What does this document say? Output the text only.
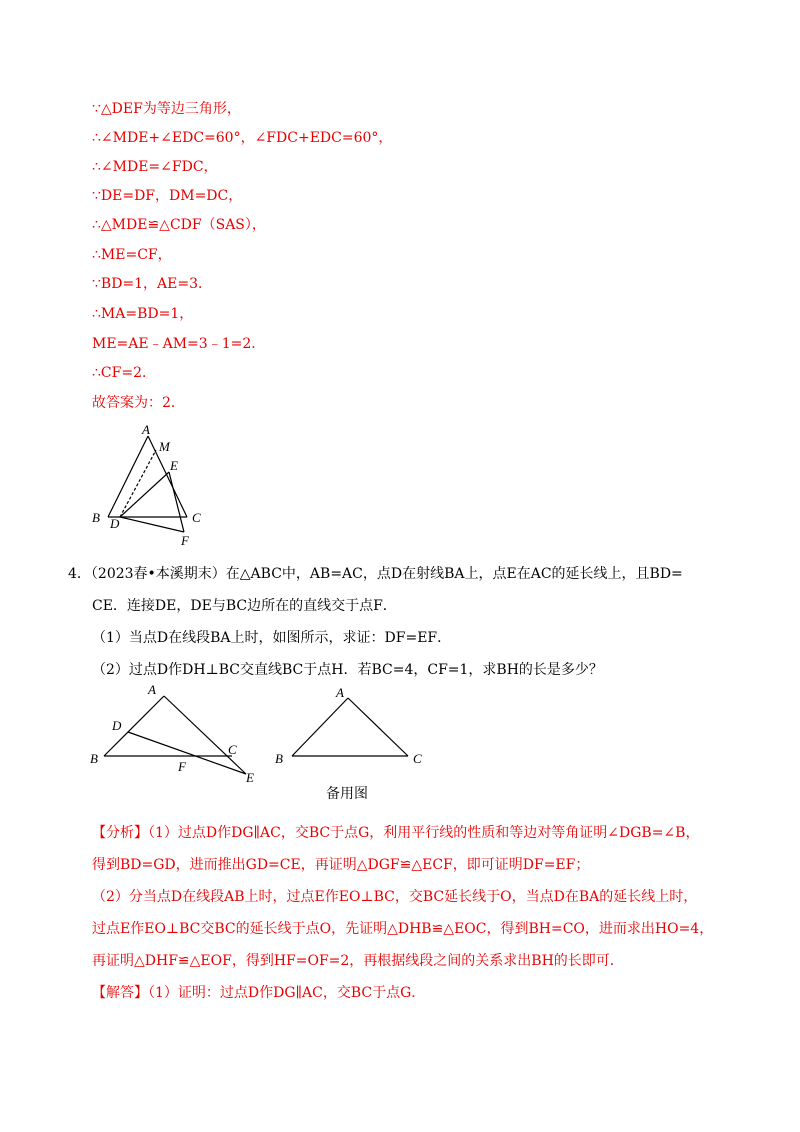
∵△DEF为等边三角形，
∴∠MDE+∠EDC=60°，∠FDC+EDC=60°，
∴∠MDE=∠FDC，
∵DE=DF，DM=DC，
∴△MDE≌△CDF（SAS），
∴ME=CF，
∵BD=1，AE=3．
∴MA=BD=1，
ME=AE﹣AM=3﹣1=2．
∴CF=2．
故答案为：2．
A
M
E
B D	C
F
4．（2023春•本溪期末）在△ABC中，AB=AC，点D在射线BA上，点E在AC的延长线上，且BD=
CE．连接DE，DE与BC边所在的直线交于点F．
（1）当点D在线段BA上时，如图所示，求证：DF=EF．
（2）过点D作DH⊥BC交直线BC于点H．若BC=4，CF=1，求BH的长是多少？
A
D
B
F
C
E
A
B	C
备用图
【分析】（1）过点D作DG∥AC，交BC于点G，利用平行线的性质和等边对等角证明∠DGB=∠B，
得到BD=GD，进而推出GD=CE，再证明△DGF≌△ECF，即可证明DF=EF；
（2）分当点D在线段AB上时，过点E作EO⊥BC，交BC延长线于O，当点D在BA的延长线上时，
过点E作EO⊥BC交BC的延长线于点O，先证明△DHB≌△EOC，得到BH=CO，进而求出HO=4，
再证明△DHF≌△EOF，得到HF=OF=2，再根据线段之间的关系求出BH的长即可．
【解答】（1）证明：过点D作DG∥AC，交BC于点G．
